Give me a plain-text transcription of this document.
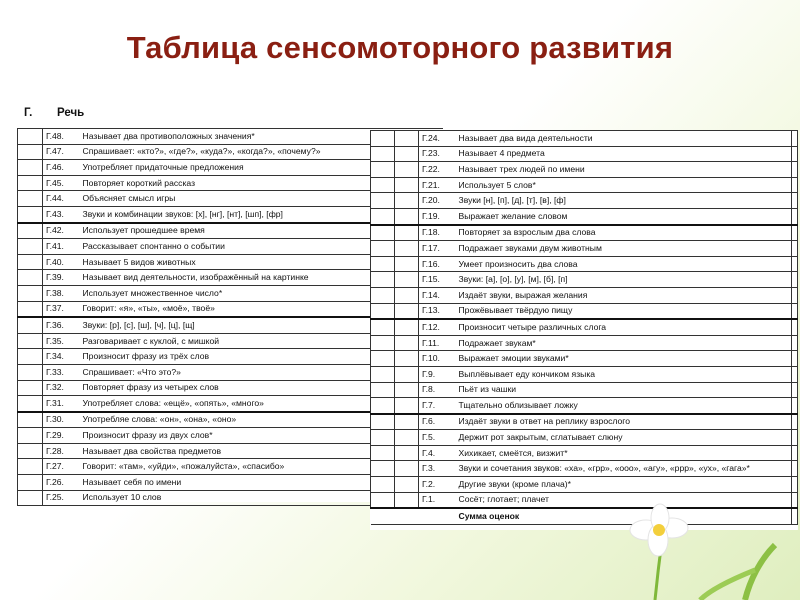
Таблица сенсомоторного развития
Г. Речь
	Г.48.	Называет два противоположных значения*
	Г.47.	Спрашивает: «кто?», «где?», «куда?», «когда?», «почему?»
	Г.46.	Употребляет придаточные предложения
	Г.45.	Повторяет короткий рассказ
	Г.44.	Объясняет смысл игры
	Г.43.	Звуки и комбинации звуков: [х], [нг], [нт], [шп], [фр]
	Г.42.	Использует прошедшее время
	Г.41.	Рассказывает спонтанно о событии
	Г.40.	Называет 5 видов животных
	Г.39.	Называет вид деятельности, изображённый на картинке
	Г.38.	Использует множественное число*
	Г.37.	Говорит: «я», «ты», «моё», твоё»
	Г.36.	Звуки: [р], [с], [ш], [ч], [ц], [щ]
	Г.35.	Разговаривает с куклой, с мишкой
	Г.34.	Произносит фразу из трёх слов
	Г.33.	Спрашивает: «Что это?»
	Г.32.	Повторяет фразу из четырех слов
	Г.31.	Употребляет слова: «ещё», «опять», «много»
	Г.30.	Употребляе слова: «он», «она», «оно»
	Г.29.	Произносит фразу из двух слов*
	Г.28.	Называет два свойства предметов
	Г.27.	Говорит: «там», «уйди», «пожалуйста», «спасибо»
	Г.26.	Называет себя по имени
	Г.25.	Использует 10 слов
		Г.24.	Называет два вида деятельности	
		Г.23.	Называет 4 предмета	
		Г.22.	Называет трех людей по имени	
		Г.21.	Использует 5 слов*	
		Г.20.	Звуки [н], [п], [д], [т], [в], [ф]	
		Г.19.	Выражает желание словом	
		Г.18.	Повторяет за взрослым два слова	
		Г.17.	Подражает звуками двум животным	
		Г.16.	Умеет произносить два слова	
		Г.15.	Звуки: [а], [о], [у], [м], [б], [п]	
		Г.14.	Издаёт звуки, выражая желания	
		Г.13.	Прожёвывает твёрдую пищу	
		Г.12.	Произносит четыре различных слога	
		Г.11.	Подражает звукам*	
		Г.10.	Выражает эмоции звуками*	
		Г.9.	Выплёвывает еду кончиком языка	
		Г.8.	Пьёт из чашки	
		Г.7.	Тщательно облизывает ложку	
		Г.6.	Издаёт звуки в ответ на реплику взрослого	
		Г.5.	Держит рот закрытым, сглатывает слюну	
		Г.4.	Хихикает, смеётся, визжит*	
		Г.3.	Звуки и сочетания звуков: «ха», «грр», «ооо», «агу», «ррр», «ух», «гага»*	
		Г.2.	Другие звуки (кроме плача)*	
		Г.1.	Сосёт; глотает; плачет	
			Сумма оценок	
